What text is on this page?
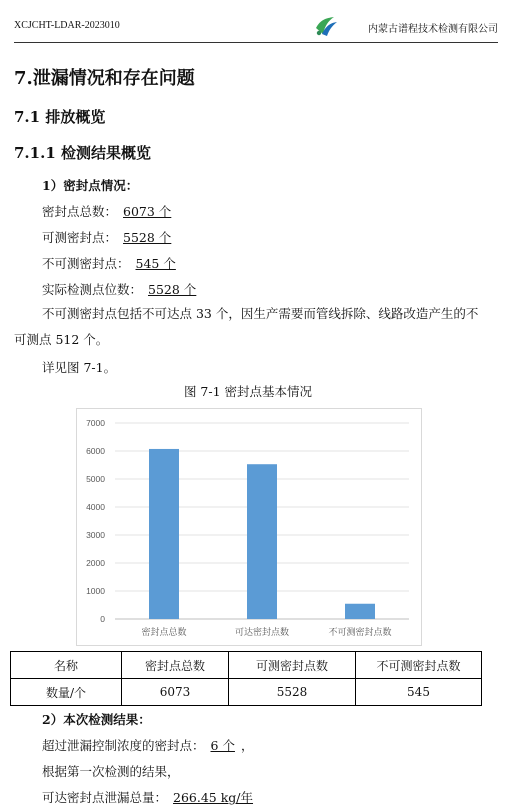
XCJCHT-LDAR-2023010	内蒙古谱程技术检测有限公司
7.泄漏情况和存在问题
7.1 排放概览
7.1.1 检测结果概览
1）密封点情况：
密封点总数： 6073 个
可测密封点： 5528 个
不可测密封点： 545 个
实际检测点位数： 5528 个
不可测密封点包括不可达点 33 个，因生产需要而管线拆除、线路改造产生的不可测点 512 个。
详见图 7-1。
图 7-1 密封点基本情况
0
1000
2000
3000
4000
5000
6000
7000
密封点总数	可达密封点数	不可测密封点数
名称	密封点总数	可测密封点数	不可测密封点数
数量/个	6073	5528	545
2）本次检测结果：
超过泄漏控制浓度的密封点： 6 个 ，
根据第一次检测的结果，
可达密封点泄漏总量： 266.45 kg/年
